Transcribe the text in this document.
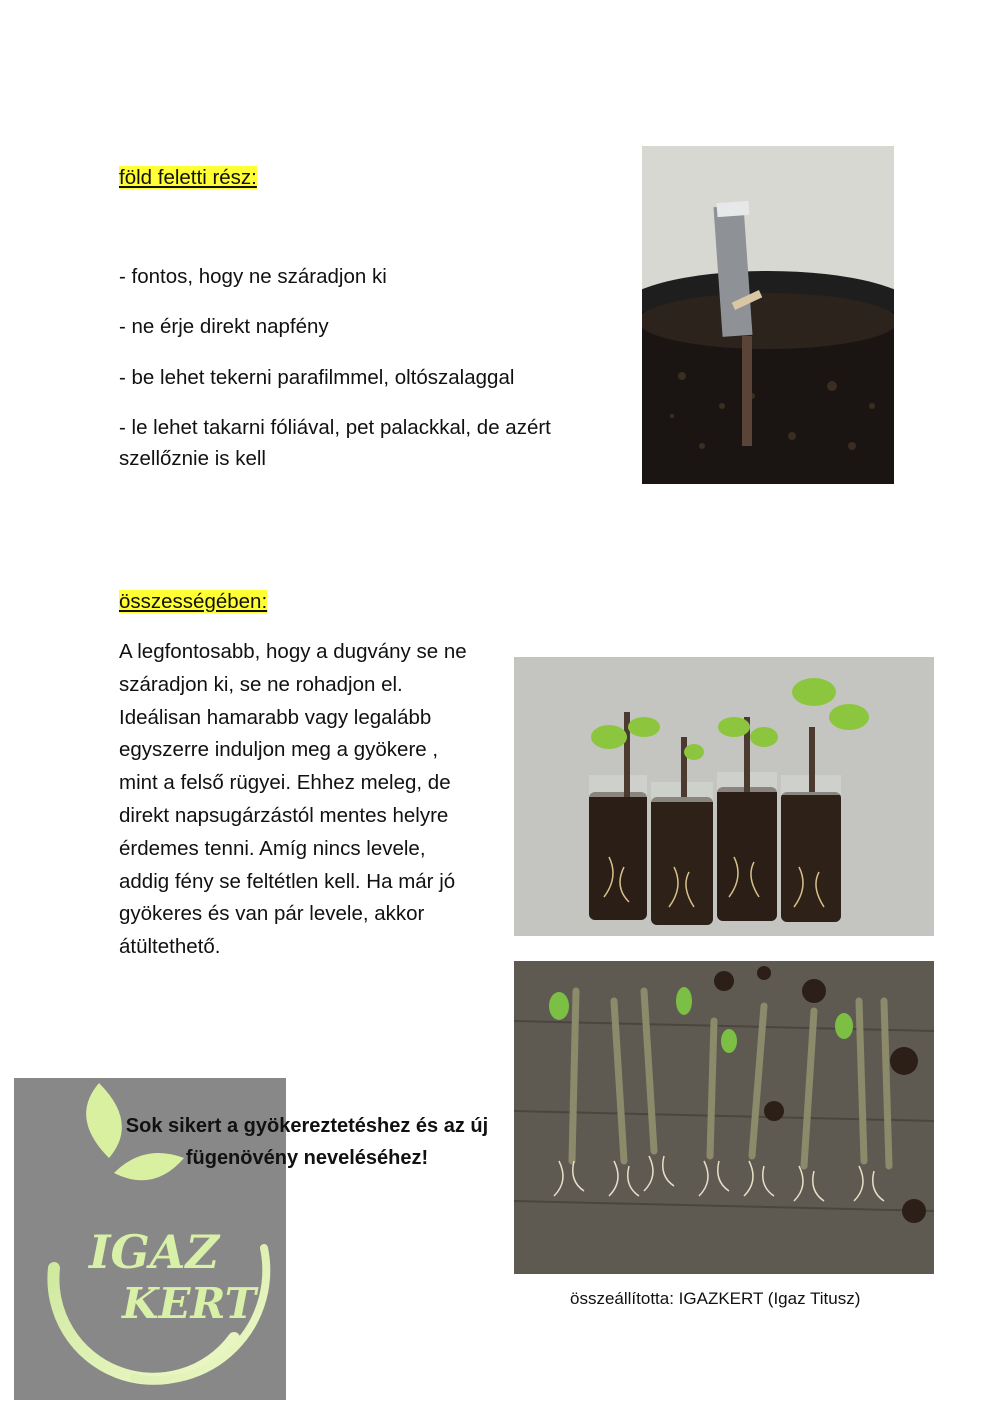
föld feletti rész:
- fontos, hogy ne száradjon ki
- ne érje direkt napfény
- be lehet tekerni parafilmmel, oltószalaggal
- le lehet takarni fóliával, pet palackkal, de azért szellőznie is kell
összességében:
A legfontosabb, hogy a dugvány se ne
száradjon ki, se ne rohadjon el.
Ideálisan hamarabb vagy legalább
egyszerre induljon meg a gyökere ,
mint a felső rügyei. Ehhez meleg, de
direkt napsugárzástól mentes helyre
érdemes tenni. Amíg nincs levele,
addig fény se feltétlen kell. Ha már jó
gyökeres és van pár levele, akkor
átültethető.
IGAZ
KERT
Sok sikert a gyökereztetéshez és az új
fügenövény neveléséhez!
összeállította: IGAZKERT (Igaz Titusz)
